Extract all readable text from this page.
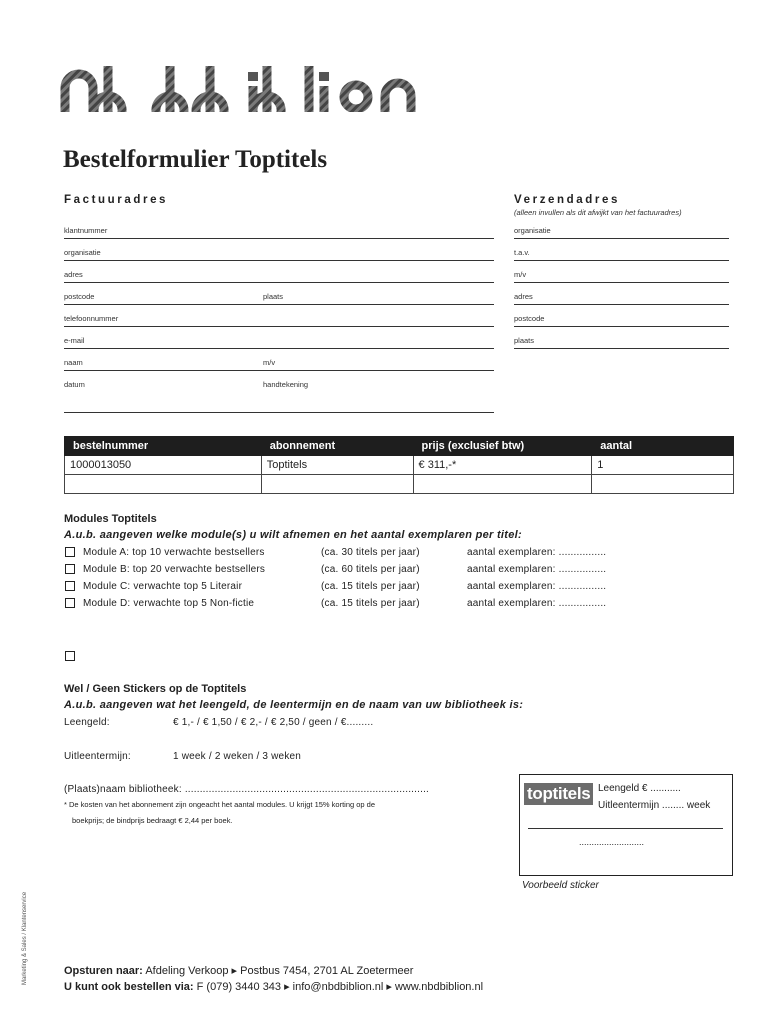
Bestelformulier Toptitels
Factuuradres
klantnummer
organisatie
adres
postcode	plaats
telefoonnummer
e-mail
naam	m/v
datum	handtekening
Verzendadres
(alleen invullen als dit afwijkt van het factuuradres)
organisatie
t.a.v.
m/v
adres
postcode
plaats
bestelnummer	abonnement	prijs (exclusief btw)	aantal
1000013050	Toptitels	€ 311,-*	1

Modules Toptitels
A.u.b. aangeven welke module(s) u wilt afnemen en het aantal exemplaren per titel:
Module A: top 10 verwachte bestsellers	(ca. 30 titels per jaar)	aantal exemplaren: ................
Module B: top 20 verwachte bestsellers	(ca. 60 titels per jaar)	aantal exemplaren: ................
Module C: verwachte top 5 Literair	(ca. 15 titels per jaar)	aantal exemplaren: ................
Module D: verwachte top 5 Non-fictie	(ca. 15 titels per jaar)	aantal exemplaren: ................
Wel / Geen Stickers op de Toptitels
A.u.b. aangeven wat het leengeld, de leentermijn en de naam van uw bibliotheek is:
Leengeld:	€ 1,- / € 1,50 / € 2,- / € 2,50 / geen / €.........
Uitleentermijn:	1 week / 2 weken / 3 weken
(Plaats)naam bibliotheek: ..................................................................................
* De kosten van het abonnement zijn ongeacht het aantal modules. U krijgt 15% korting op de
boekprijs; de bindprijs bedraagt € 2,44 per boek.
toptitels Leengeld € ...........
Uitleentermijn ........ week
..........................
Voorbeeld sticker
Marketing & Sales / Klantenservice	Opsturen naar: Afdeling Verkoop ▸ Postbus 7454, 2701 AL Zoetermeer
U kunt ook bestellen via: F (079) 3440 343 ▸ info@nbdbiblion.nl ▸ www.nbdbiblion.nl
